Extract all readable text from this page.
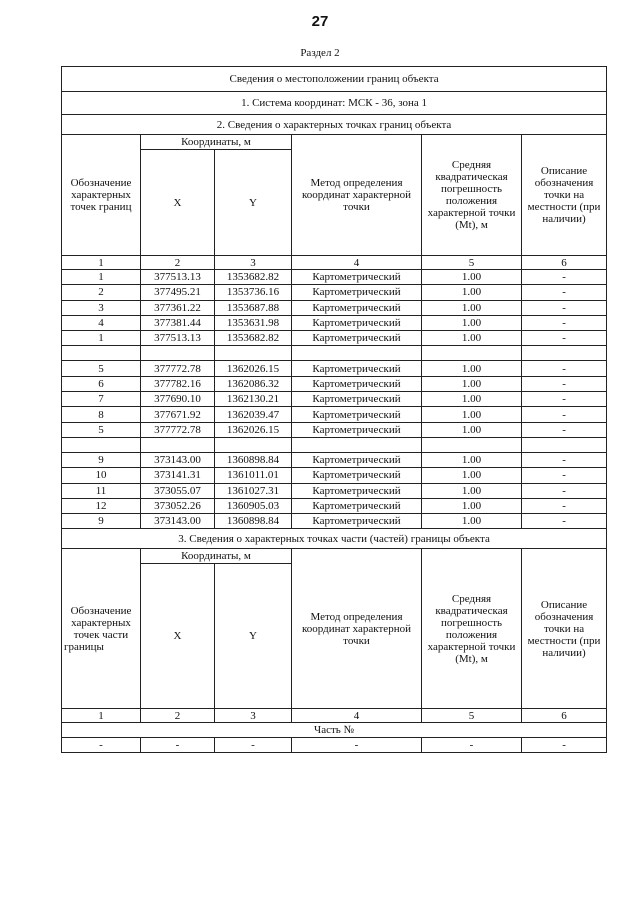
27
Раздел 2
Сведения о местоположении границ объекта					
1. Система координат: МСК - 36, зона 1					
2. Сведения о характерных точках границ объекта					
Обозначение характерных точек границ	Координаты, м		Метод определения координат характерной точки	Средняя квадратическая погрешность положения характерной точки (Mt), м	Описание обозначения точки на местности (при наличии)
	X	Y			
1	2	3	4	5	6
1	377513.13	1353682.82	Картометрический	1.00	-
2	377495.21	1353736.16	Картометрический	1.00	-
3	377361.22	1353687.88	Картометрический	1.00	-
4	377381.44	1353631.98	Картометрический	1.00	-
1	377513.13	1353682.82	Картометрический	1.00	-

5	377772.78	1362026.15	Картометрический	1.00	-
6	377782.16	1362086.32	Картометрический	1.00	-
7	377690.10	1362130.21	Картометрический	1.00	-
8	377671.92	1362039.47	Картометрический	1.00	-
5	377772.78	1362026.15	Картометрический	1.00	-

9	373143.00	1360898.84	Картометрический	1.00	-
10	373141.31	1361011.01	Картометрический	1.00	-
11	373055.07	1361027.31	Картометрический	1.00	-
12	373052.26	1360905.03	Картометрический	1.00	-
9	373143.00	1360898.84	Картометрический	1.00	-
3. Сведения о характерных точках части (частей) границы объекта					
Обозначение характерных точек части границы	Координаты, м		Метод определения координат характерной точки	Средняя квадратическая погрешность положения характерной точки (Mt), м	Описание обозначения точки на местности (при наличии)
	X	Y			
1	2	3	4	5	6
Часть №					
-	-	-	-	-	-
